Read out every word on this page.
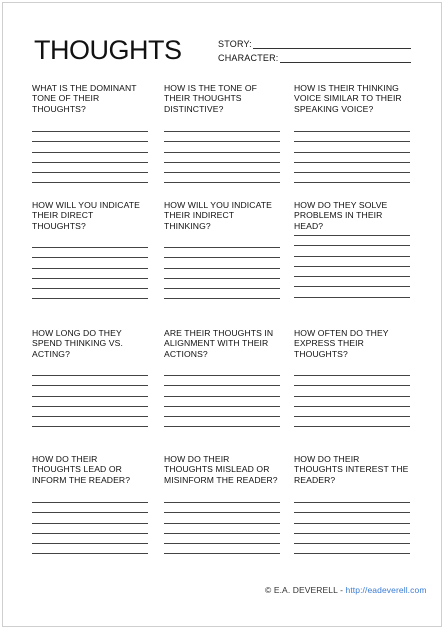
THOUGHTS	STORY:
CHARACTER:
WHAT IS THE DOMINANT TONE OF THEIR THOUGHTS?
HOW IS THE TONE OF THEIR THOUGHTS DISTINCTIVE?
HOW IS THEIR THINKING VOICE SIMILAR TO THEIR SPEAKING VOICE?
HOW WILL YOU INDICATE THEIR DIRECT THOUGHTS?
HOW WILL YOU INDICATE THEIR INDIRECT THINKING?
HOW DO THEY SOLVE PROBLEMS IN THEIR HEAD?
HOW LONG DO THEY SPEND THINKING VS. ACTING?
ARE THEIR THOUGHTS IN ALIGNMENT WITH THEIR ACTIONS?
HOW OFTEN DO THEY EXPRESS THEIR THOUGHTS?
HOW DO THEIR THOUGHTS LEAD OR INFORM THE READER?
HOW DO THEIR THOUGHTS MISLEAD OR MISINFORM THE READER?
HOW DO THEIR THOUGHTS INTEREST THE READER?
© E.A. DEVERELL - http://eadeverell.com
